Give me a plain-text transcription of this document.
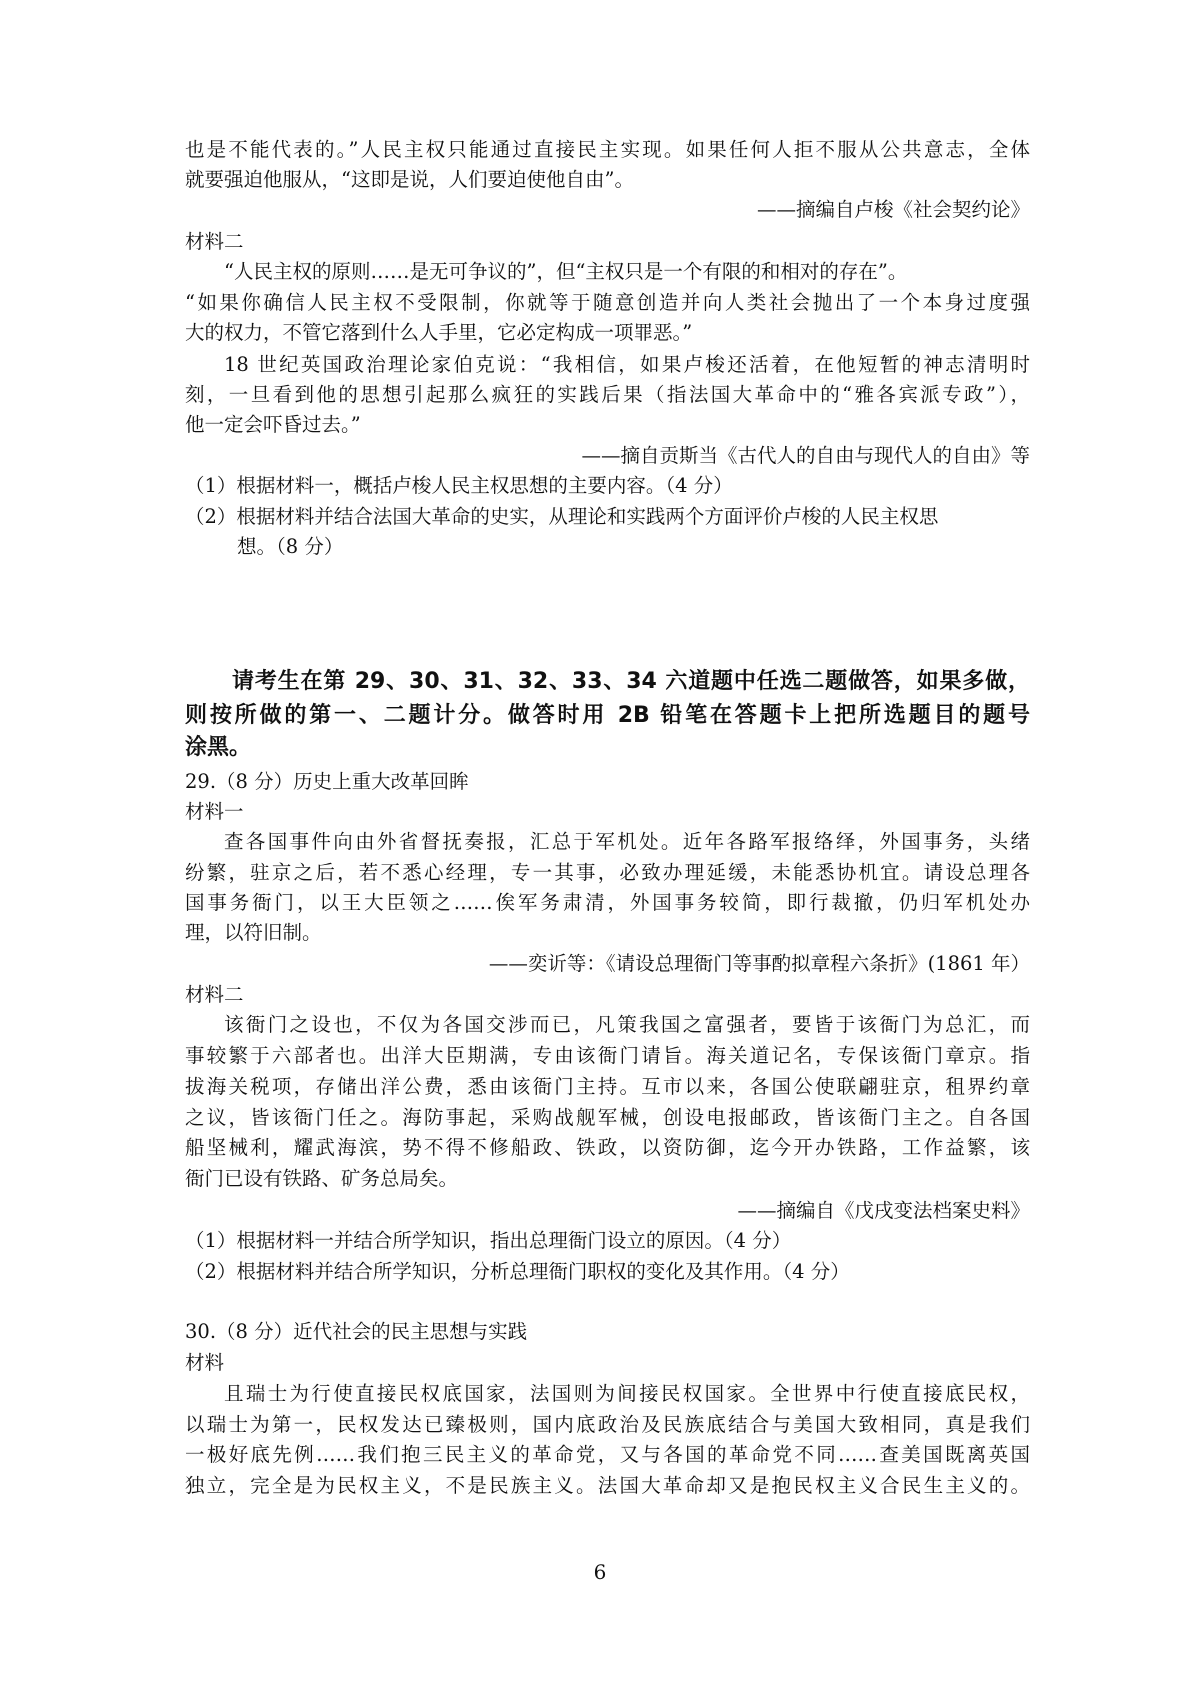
也是不能代表的。”人民主权只能通过直接民主实现。如果任何人拒不服从公共意志，全体
就要强迫他服从，“这即是说，人们要迫使他自由”。
——摘编自卢梭《社会契约论》
材料二
“人民主权的原则……是无可争议的”，但“主权只是一个有限的和相对的存在”。
“如果你确信人民主权不受限制，你就等于随意创造并向人类社会抛出了一个本身过度强
大的权力，不管它落到什么人手里，它必定构成一项罪恶。”
18 世纪英国政治理论家伯克说：“我相信，如果卢梭还活着，在他短暂的神志清明时
刻，一旦看到他的思想引起那么疯狂的实践后果（指法国大革命中的“雅各宾派专政”），
他一定会吓昏过去。”
——摘自贡斯当《古代人的自由与现代人的自由》等
（1）根据材料一，概括卢梭人民主权思想的主要内容。（4 分）
（2）根据材料并结合法国大革命的史实，从理论和实践两个方面评价卢梭的人民主权思
想。（8 分）
请考生在第 29、30、31、32、33、34 六道题中任选二题做答，如果多做，
则按所做的第一、二题计分。做答时用 2B 铅笔在答题卡上把所选题目的题号
涂黑。
29.（8 分）历史上重大改革回眸
材料一
查各国事件向由外省督抚奏报，汇总于军机处。近年各路军报络绎，外国事务，头绪
纷繁，驻京之后，若不悉心经理，专一其事，必致办理延缓，未能悉协机宜。请设总理各
国事务衙门，以王大臣领之……俟军务肃清，外国事务较简，即行裁撤，仍归军机处办
理，以符旧制。
——奕䜣等：《请设总理衙门等事酌拟章程六条折》(1861 年）
材料二
该衙门之设也，不仅为各国交涉而已，凡策我国之富强者，要皆于该衙门为总汇，而
事较繁于六部者也。出洋大臣期满，专由该衙门请旨。海关道记名，专保该衙门章京。指
拔海关税项，存储出洋公费，悉由该衙门主持。互市以来，各国公使联翩驻京，租界约章
之议，皆该衙门任之。海防事起，采购战舰军械，创设电报邮政，皆该衙门主之。自各国
船坚械利，耀武海滨，势不得不修船政、铁政，以资防御，迄今开办铁路，工作益繁，该
衙门已设有铁路、矿务总局矣。
——摘编自《戊戌变法档案史料》
（1）根据材料一并结合所学知识，指出总理衙门设立的原因。（4 分）
（2）根据材料并结合所学知识，分析总理衙门职权的变化及其作用。（4 分）
30.（8 分）近代社会的民主思想与实践
材料
且瑞士为行使直接民权底国家，法国则为间接民权国家。全世界中行使直接底民权，
以瑞士为第一，民权发达已臻极则，国内底政治及民族底结合与美国大致相同，真是我们
一极好底先例……我们抱三民主义的革命党，又与各国的革命党不同……查美国既离英国
独立，完全是为民权主义，不是民族主义。法国大革命却又是抱民权主义合民生主义的。
6
